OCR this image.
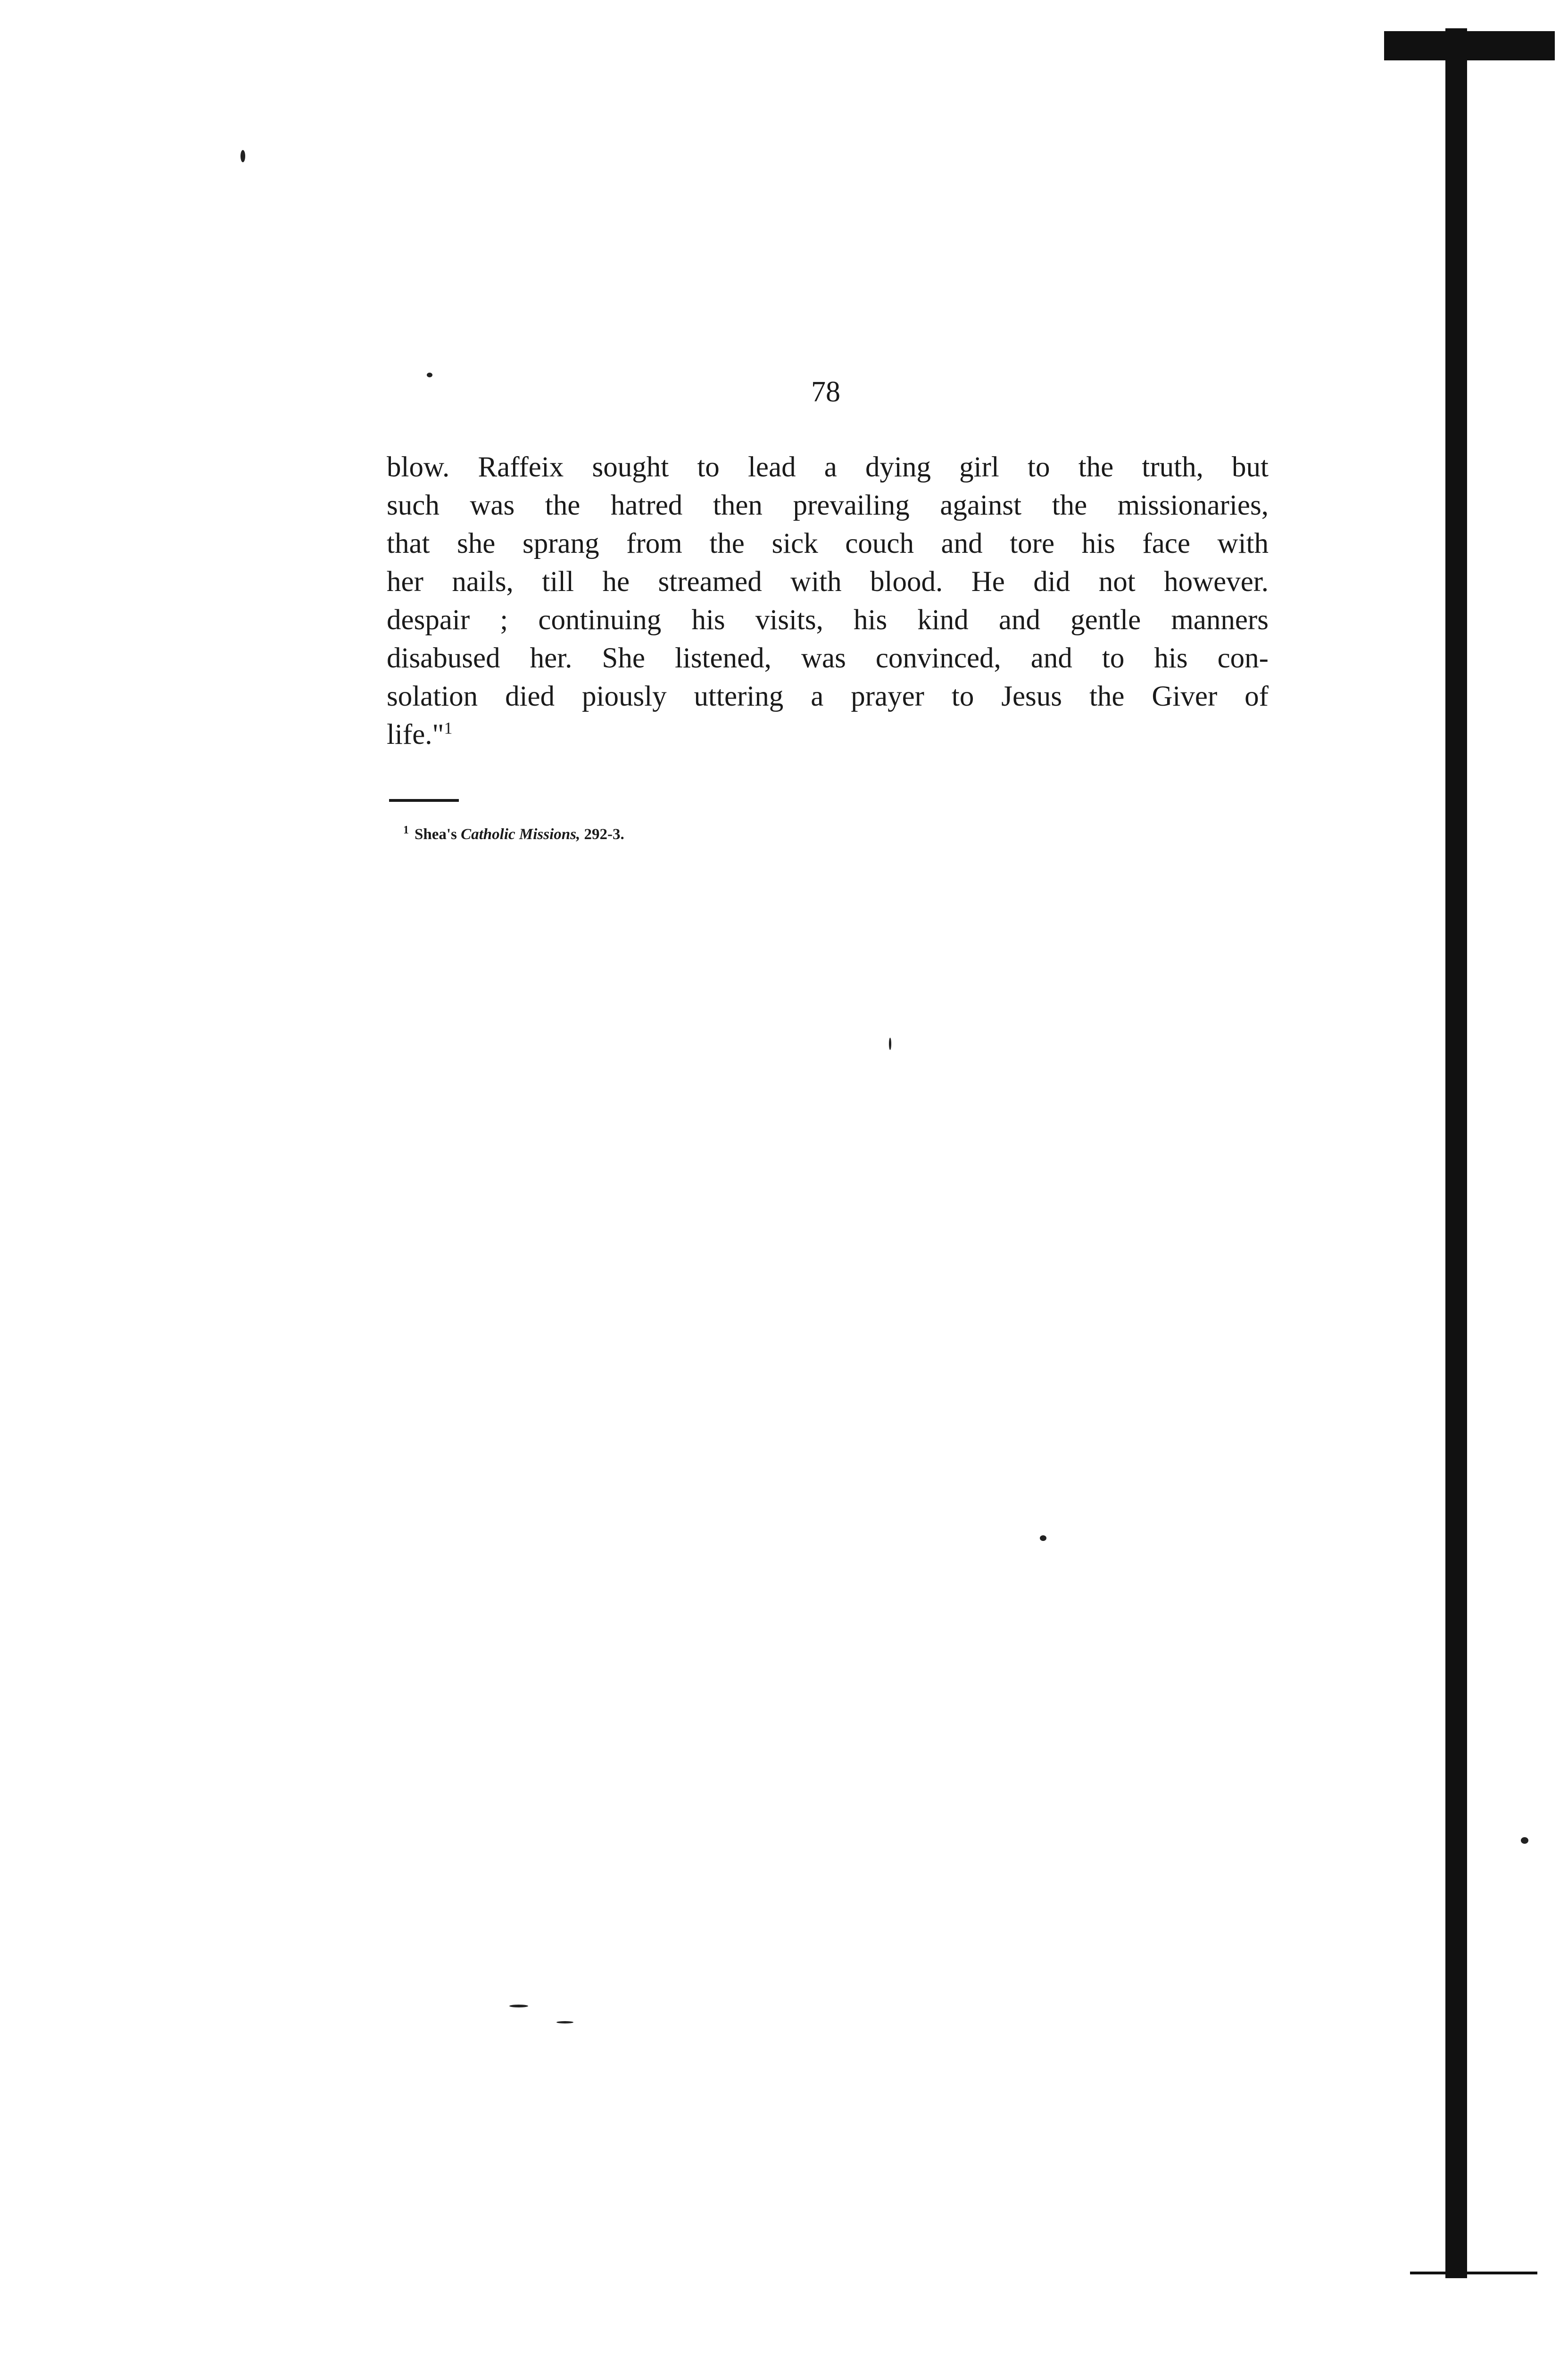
78
blow. Raffeix sought to lead a dying girl to the truth, but
such was the hatred then prevailing against the missionaries,
that she sprang from the sick couch and tore his face with
her nails, till he streamed with blood. He did not however.
despair ; continuing his visits, his kind and gentle manners
disabused her. She listened, was convinced, and to his con-
solation died piously uttering a prayer to Jesus the Giver of
life."$^1$
$^1$ Shea's Catholic Missions, 292-3.
